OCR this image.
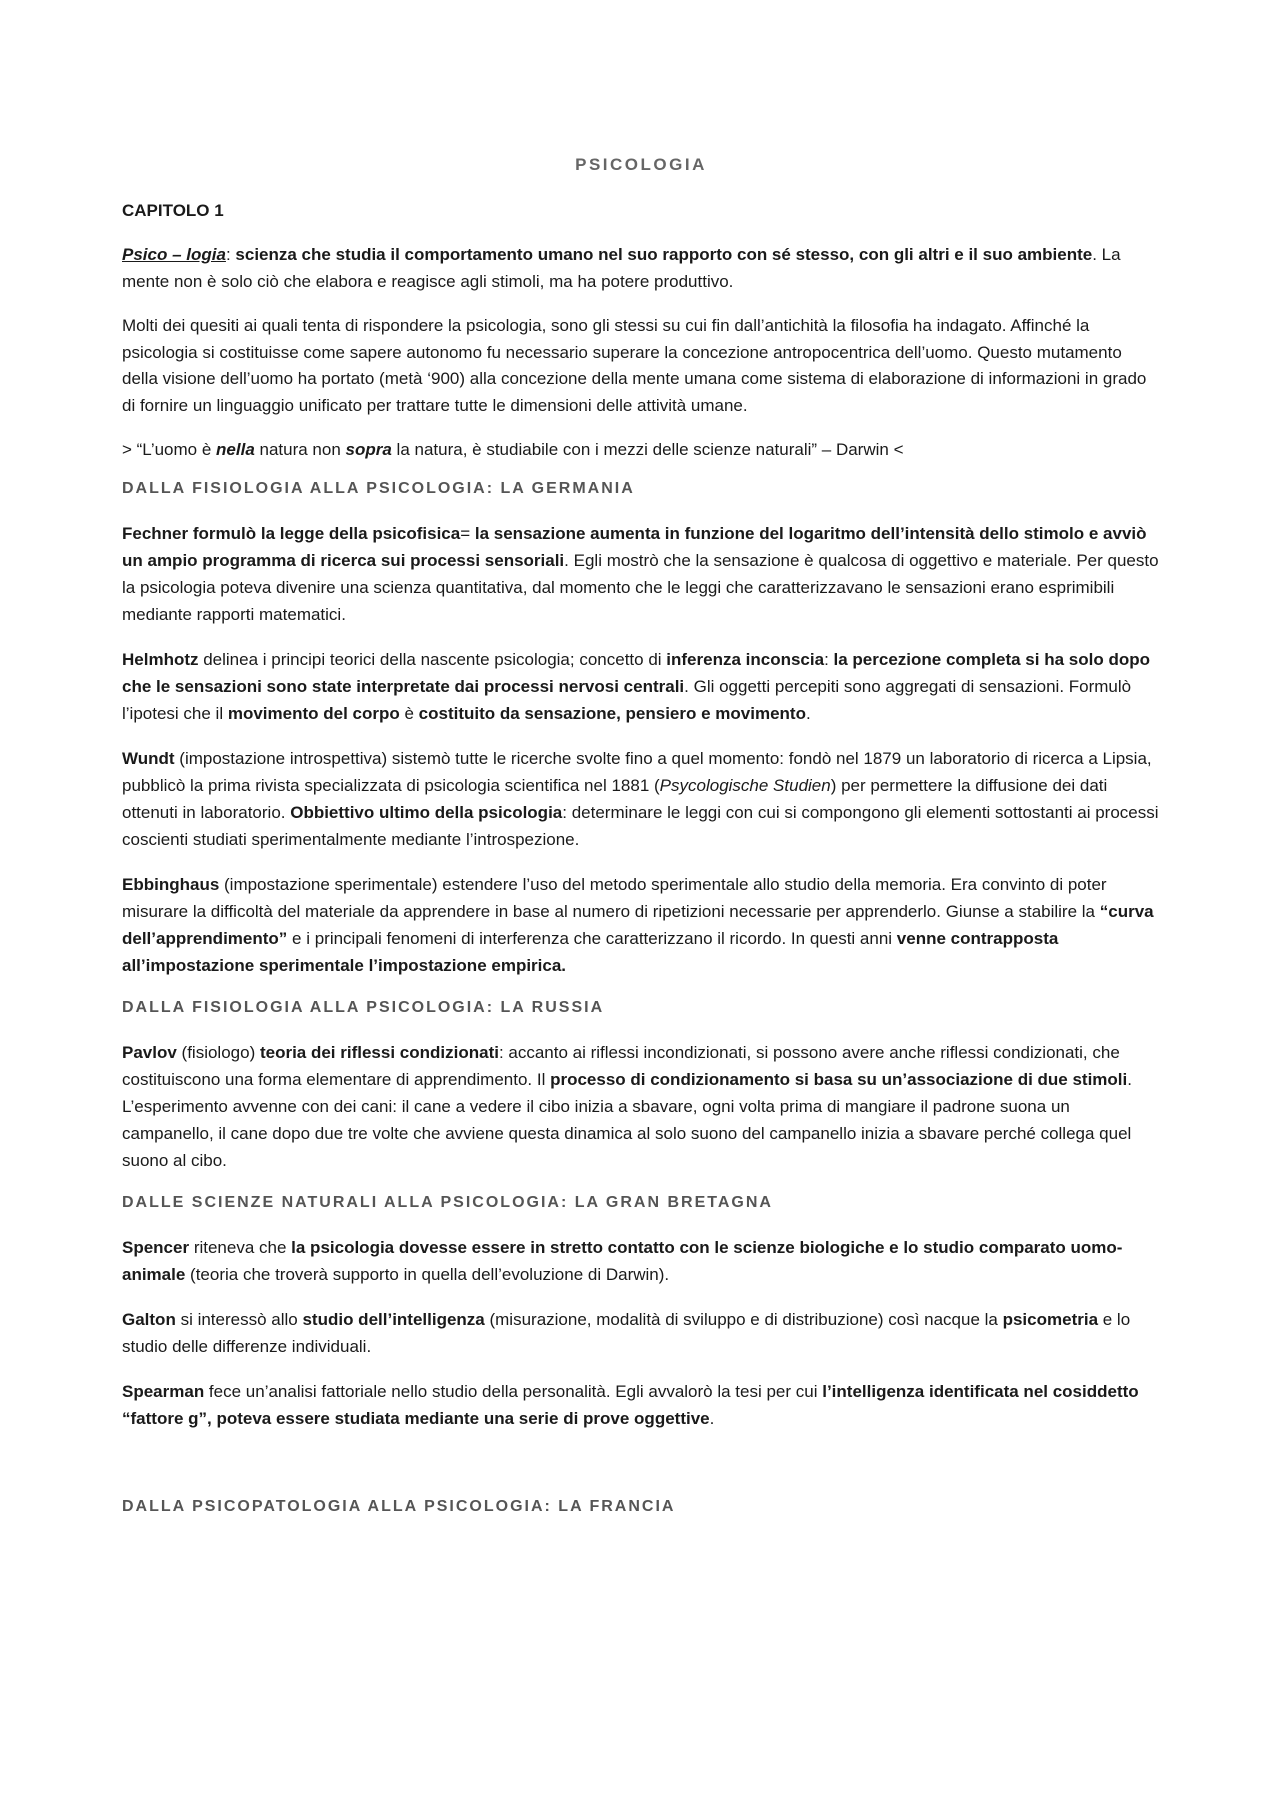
PSICOLOGIA
CAPITOLO 1

Psico – logia: scienza che studia il comportamento umano nel suo rapporto con sé stesso, con gli altri e il suo ambiente. La mente non è solo ciò che elabora e reagisce agli stimoli, ma ha potere produttivo.

Molti dei quesiti ai quali tenta di rispondere la psicologia, sono gli stessi su cui fin dall’antichità la filosofia ha indagato. Affinché la psicologia si costituisse come sapere autonomo fu necessario superare la concezione antropocentrica dell’uomo. Questo mutamento della visione dell’uomo ha portato (metà ‘900) alla concezione della mente umana come sistema di elaborazione di informazioni in grado di fornire un linguaggio unificato per trattare tutte le dimensioni delle attività umane.

> “L’uomo è nella natura non sopra la natura, è studiabile con i mezzi delle scienze naturali” – Darwin <

DALLA FISIOLOGIA ALLA PSICOLOGIA: LA GERMANIA

Fechner formulò la legge della psicofisica= la sensazione aumenta in funzione del logaritmo dell’intensità dello stimolo e avviò un ampio programma di ricerca sui processi sensoriali. Egli mostrò che la sensazione è qualcosa di oggettivo e materiale. Per questo la psicologia poteva divenire una scienza quantitativa, dal momento che le leggi che caratterizzavano le sensazioni erano esprimibili mediante rapporti matematici.

Helmhotz delinea i principi teorici della nascente psicologia; concetto di inferenza inconscia: la percezione completa si ha solo dopo che le sensazioni sono state interpretate dai processi nervosi centrali. Gli oggetti percepiti sono aggregati di sensazioni. Formulò l’ipotesi che il movimento del corpo è costituito da sensazione, pensiero e movimento.

Wundt (impostazione introspettiva) sistemò tutte le ricerche svolte fino a quel momento: fondò nel 1879 un laboratorio di ricerca a Lipsia, pubblicò la prima rivista specializzata di psicologia scientifica nel 1881 (Psycologische Studien) per permettere la diffusione dei dati ottenuti in laboratorio. Obbiettivo ultimo della psicologia: determinare le leggi con cui si compongono gli elementi sottostanti ai processi coscienti studiati sperimentalmente mediante l’introspezione.

Ebbinghaus (impostazione sperimentale) estendere l’uso del metodo sperimentale allo studio della memoria. Era convinto di poter misurare la difficoltà del materiale da apprendere in base al numero di ripetizioni necessarie per apprenderlo. Giunse a stabilire la “curva dell’apprendimento” e i principali fenomeni di interferenza che caratterizzano il ricordo. In questi anni venne contrapposta all’impostazione sperimentale l’impostazione empirica.

DALLA FISIOLOGIA ALLA PSICOLOGIA: LA RUSSIA

Pavlov (fisiologo) teoria dei riflessi condizionati: accanto ai riflessi incondizionati, si possono avere anche riflessi condizionati, che costituiscono una forma elementare di apprendimento. Il processo di condizionamento si basa su un’associazione di due stimoli. L’esperimento avvenne con dei cani: il cane a vedere il cibo inizia a sbavare, ogni volta prima di mangiare il padrone suona un campanello, il cane dopo due tre volte che avviene questa dinamica al solo suono del campanello inizia a sbavare perché collega quel suono al cibo.

DALLE SCIENZE NATURALI ALLA PSICOLOGIA: LA GRAN BRETAGNA

Spencer riteneva che la psicologia dovesse essere in stretto contatto con le scienze biologiche e lo studio comparato uomo-animale (teoria che troverà supporto in quella dell’evoluzione di Darwin).

Galton si interessò allo studio dell’intelligenza (misurazione, modalità di sviluppo e di distribuzione) così nacque la psicometria e lo studio delle differenze individuali.

Spearman fece un’analisi fattoriale nello studio della personalità. Egli avvalorò la tesi per cui l’intelligenza identificata nel cosiddetto “fattore g”, poteva essere studiata mediante una serie di prove oggettive.

DALLA PSICOPATOLOGIA ALLA PSICOLOGIA: LA FRANCIA
